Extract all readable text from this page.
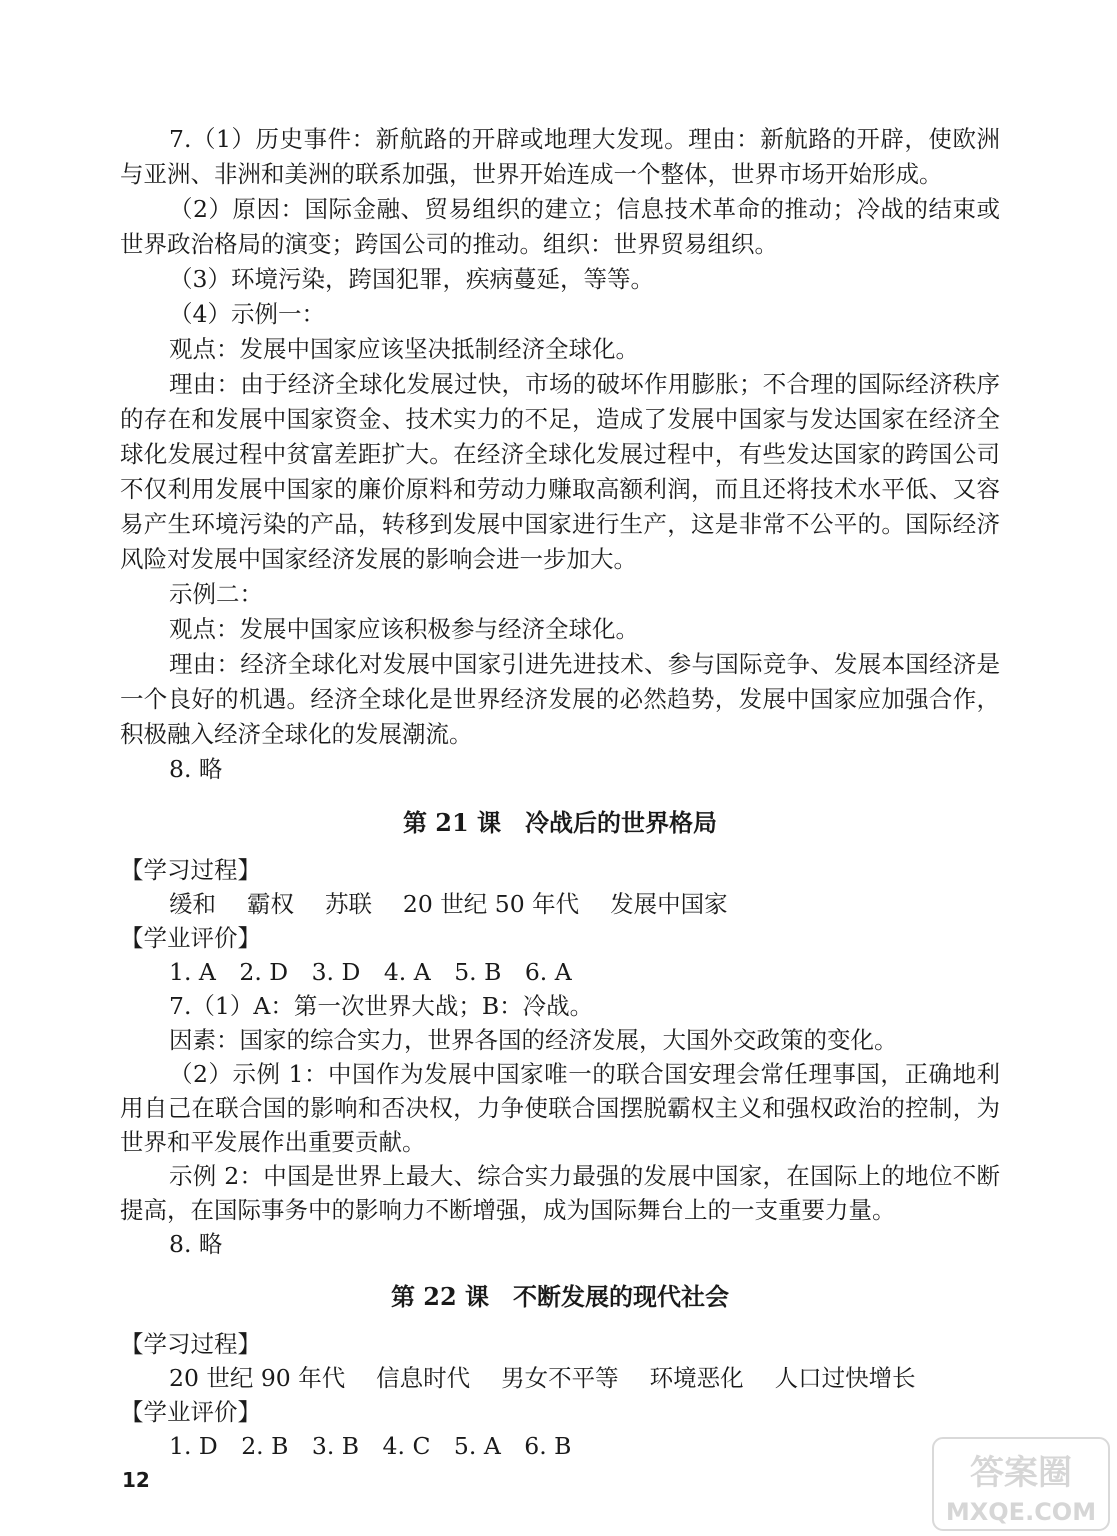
7.（1）历史事件：新航路的开辟或地理大发现。理由：新航路的开辟，使欧洲与亚洲、非洲和美洲的联系加强，世界开始连成一个整体，世界市场开始形成。

（2）原因：国际金融、贸易组织的建立；信息技术革命的推动；冷战的结束或世界政治格局的演变；跨国公司的推动。组织：世界贸易组织。

（3）环境污染，跨国犯罪，疾病蔓延，等等。

（4）示例一：

观点：发展中国家应该坚决抵制经济全球化。

理由：由于经济全球化发展过快，市场的破坏作用膨胀；不合理的国际经济秩序的存在和发展中国家资金、技术实力的不足，造成了发展中国家与发达国家在经济全球化发展过程中贫富差距扩大。在经济全球化发展过程中，有些发达国家的跨国公司不仅利用发展中国家的廉价原料和劳动力赚取高额利润，而且还将技术水平低、又容易产生环境污染的产品，转移到发展中国家进行生产，这是非常不公平的。国际经济风险对发展中国家经济发展的影响会进一步加大。

示例二：

观点：发展中国家应该积极参与经济全球化。

理由：经济全球化对发展中国家引进先进技术、参与国际竞争、发展本国经济是一个良好的机遇。经济全球化是世界经济发展的必然趋势，发展中国家应加强合作，积极融入经济全球化的发展潮流。

8. 略

第 21 课　冷战后的世界格局

【学习过程】

缓和　 霸权　 苏联　 20 世纪 50 年代　 发展中国家

【学业评价】

1. A　2. D　3. D　4. A　5. B　6. A

7.（1）A：第一次世界大战；B：冷战。

因素：国家的综合实力，世界各国的经济发展，大国外交政策的变化。

（2）示例 1：中国作为发展中国家唯一的联合国安理会常任理事国，正确地利用自己在联合国的影响和否决权，力争使联合国摆脱霸权主义和强权政治的控制，为世界和平发展作出重要贡献。

示例 2：中国是世界上最大、综合实力最强的发展中国家，在国际上的地位不断提高，在国际事务中的影响力不断增强，成为国际舞台上的一支重要力量。

8. 略

第 22 课　不断发展的现代社会

【学习过程】

20 世纪 90 年代　 信息时代　 男女不平等　 环境恶化　 人口过快增长

【学业评价】

1. D　2. B　3. B　4. C　5. A　6. B

12	答案圈
MXQE.COM
